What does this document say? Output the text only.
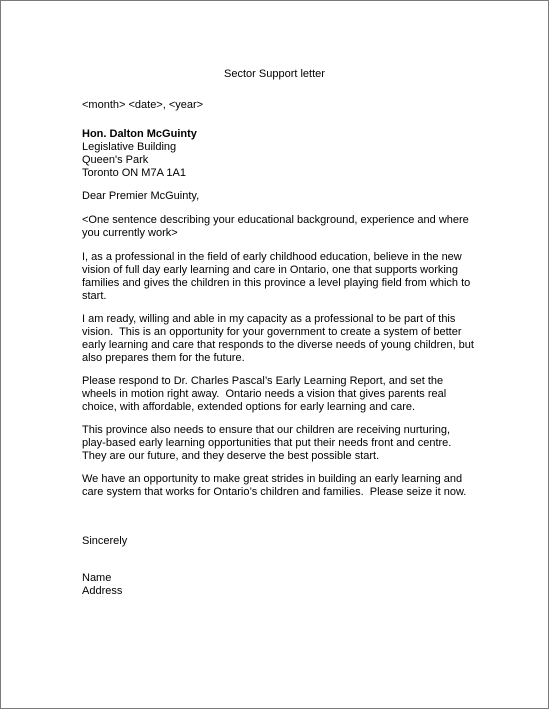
Sector Support letter
<month> <date>, <year>
Hon. Dalton McGuinty
Legislative Building
Queen's Park
Toronto ON M7A 1A1
Dear Premier McGuinty,
<One sentence describing your educational background, experience and where
you currently work>
I, as a professional in the field of early childhood education, believe in the new
vision of full day early learning and care in Ontario, one that supports working
families and gives the children in this province a level playing field from which to
start.
I am ready, willing and able in my capacity as a professional to be part of this
vision.  This is an opportunity for your government to create a system of better
early learning and care that responds to the diverse needs of young children, but
also prepares them for the future.
Please respond to Dr. Charles Pascal’s Early Learning Report, and set the
wheels in motion right away.  Ontario needs a vision that gives parents real
choice, with affordable, extended options for early learning and care.
This province also needs to ensure that our children are receiving nurturing,
play-based early learning opportunities that put their needs front and centre.
They are our future, and they deserve the best possible start.
We have an opportunity to make great strides in building an early learning and
care system that works for Ontario’s children and families.  Please seize it now.
Sincerely
Name
Address
